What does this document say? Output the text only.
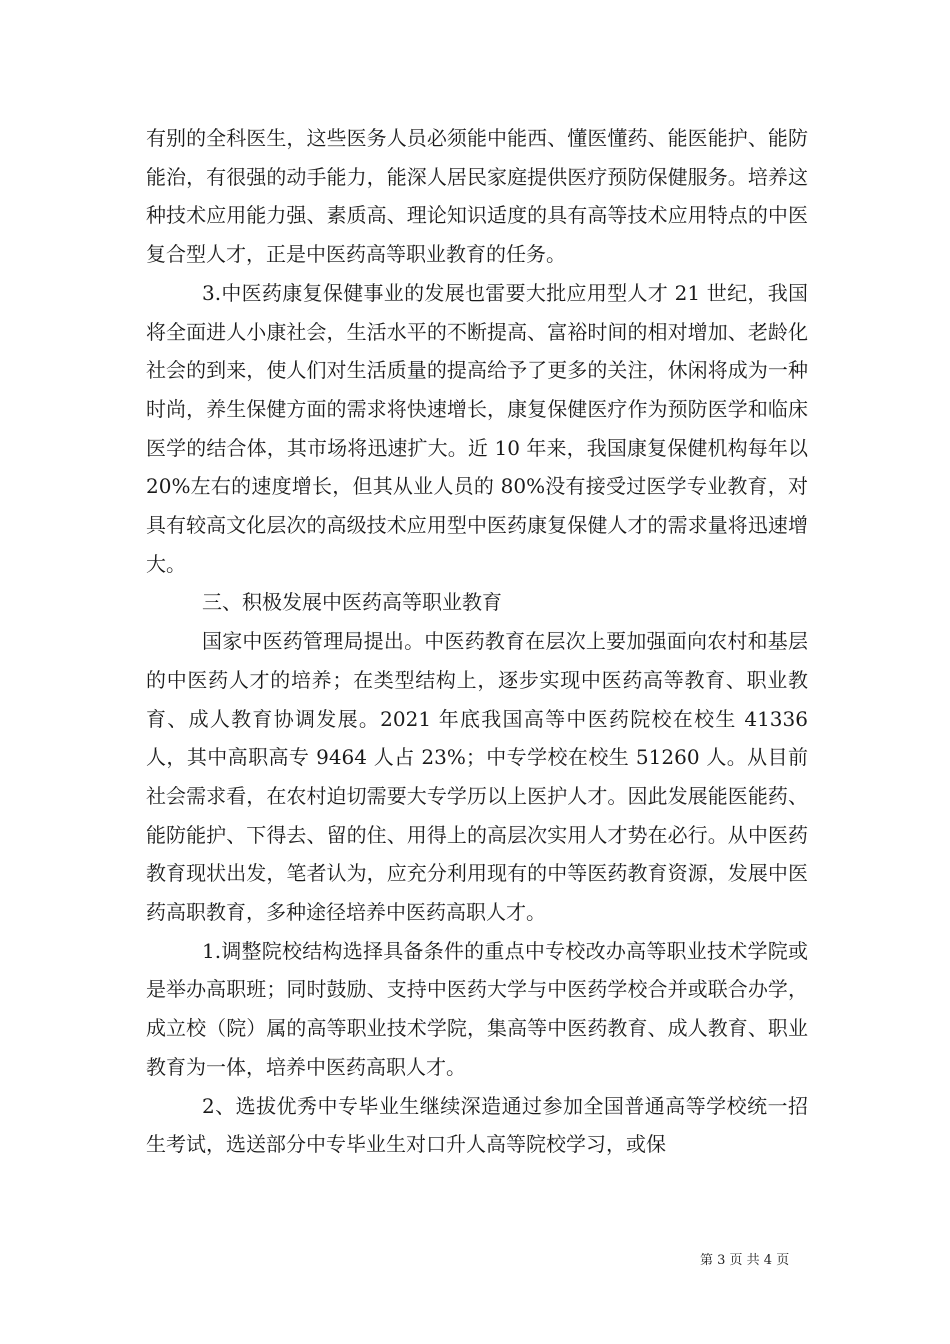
有别的全科医生，这些医务人员必须能中能西、懂医懂药、能医能护、能防能治，有很强的动手能力，能深人居民家庭提供医疗预防保健服务。培养这种技术应用能力强、素质高、理论知识适度的具有高等技术应用特点的中医复合型人才，正是中医药高等职业教育的任务。

3.中医药康复保健事业的发展也雷要大批应用型人才 21 世纪，我国将全面进人小康社会，生活水平的不断提高、富裕时间的相对增加、老龄化社会的到来，使人们对生活质量的提高给予了更多的关注，休闲将成为一种时尚，养生保健方面的需求将快速增长，康复保健医疗作为预防医学和临床医学的结合体，其市场将迅速扩大。近 10 年来，我国康复保健机构每年以 20%左右的速度增长，但其从业人员的 80%没有接受过医学专业教育，对具有较高文化层次的高级技术应用型中医药康复保健人才的需求量将迅速增大。

三、积极发展中医药高等职业教育

国家中医药管理局提出。中医药教育在层次上要加强面向农村和基层的中医药人才的培养；在类型结构上，逐步实现中医药高等教育、职业教育、成人教育协调发展。2021 年底我国高等中医药院校在校生 41336 人，其中高职高专 9464 人占 23%；中专学校在校生 51260 人。从目前社会需求看，在农村迫切需要大专学历以上医护人才。因此发展能医能药、能防能护、下得去、留的住、用得上的高层次实用人才势在必行。从中医药教育现状出发，笔者认为，应充分利用现有的中等医药教育资源，发展中医药高职教育，多种途径培养中医药高职人才。

1.调整院校结构选择具备条件的重点中专校改办高等职业技术学院或是举办高职班；同时鼓励、支持中医药大学与中医药学校合并或联合办学，成立校（院）属的高等职业技术学院，集高等中医药教育、成人教育、职业教育为一体，培养中医药高职人才。

2、选拔优秀中专毕业生继续深造通过参加全国普通高等学校统一招生考试，选送部分中专毕业生对口升人高等院校学习，或保

第 3 页 共 4 页
